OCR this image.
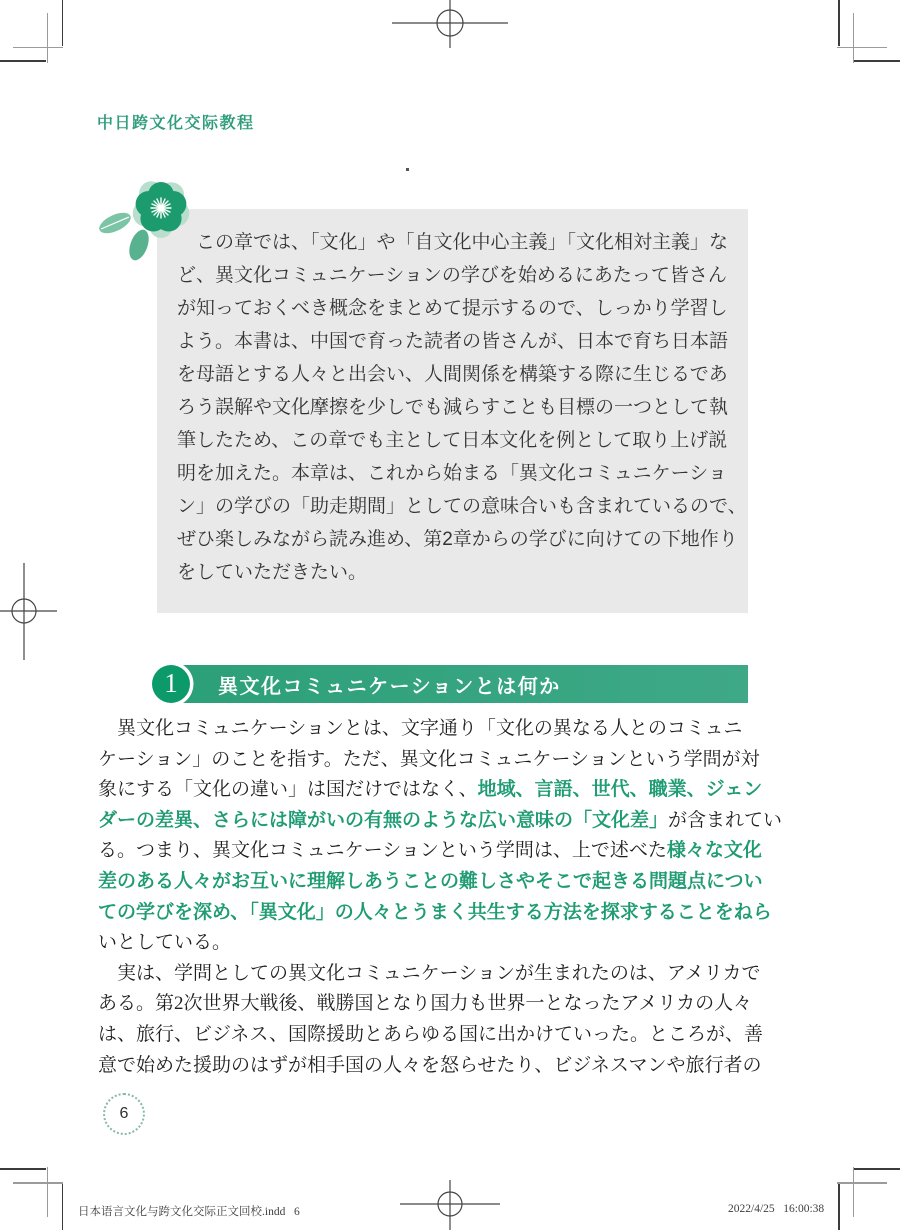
中日跨文化交际教程
　この章では、「文化」や「自文化中心主義」「文化相対主義」な
ど、異文化コミュニケーションの学びを始めるにあたって皆さん
が知っておくべき概念をまとめて提示するので、しっかり学習し
よう。本書は、中国で育った読者の皆さんが、日本で育ち日本語
を母語とする人々と出会い、人間関係を構築する際に生じるであ
ろう誤解や文化摩擦を少しでも減らすことも目標の一つとして執
筆したため、この章でも主として日本文化を例として取り上げ説
明を加えた。本章は、これから始まる「異文化コミュニケーショ
ン」の学びの「助走期間」としての意味合いも含まれているので、
ぜひ楽しみながら読み進め、第2章からの学びに向けての下地作り
をしていただきたい。
異文化コミュニケーションとは何か
1
　異文化コミュニケーションとは、文字通り「文化の異なる人とのコミュニ
ケーション」のことを指す。ただ、異文化コミュニケーションという学問が対
象にする「文化の違い」は国だけではなく、地域、言語、世代、職業、ジェン
ダーの差異、さらには障がいの有無のような広い意味の「文化差」が含まれてい
る。つまり、異文化コミュニケーションという学問は、上で述べた様々な文化
差のある人々がお互いに理解しあうことの難しさやそこで起きる問題点につい
ての学びを深め、「異文化」の人々とうまく共生する方法を探求することをねら
いとしている。
　実は、学問としての異文化コミュニケーションが生まれたのは、アメリカで
ある。第2次世界大戦後、戦勝国となり国力も世界一となったアメリカの人々
は、旅行、ビジネス、国際援助とあらゆる国に出かけていった。ところが、善
意で始めた援助のはずが相手国の人々を怒らせたり、ビジネスマンや旅行者の
6
日本语言文化与跨文化交际正文回校.indd   6	2022/4/25   16:00:38
